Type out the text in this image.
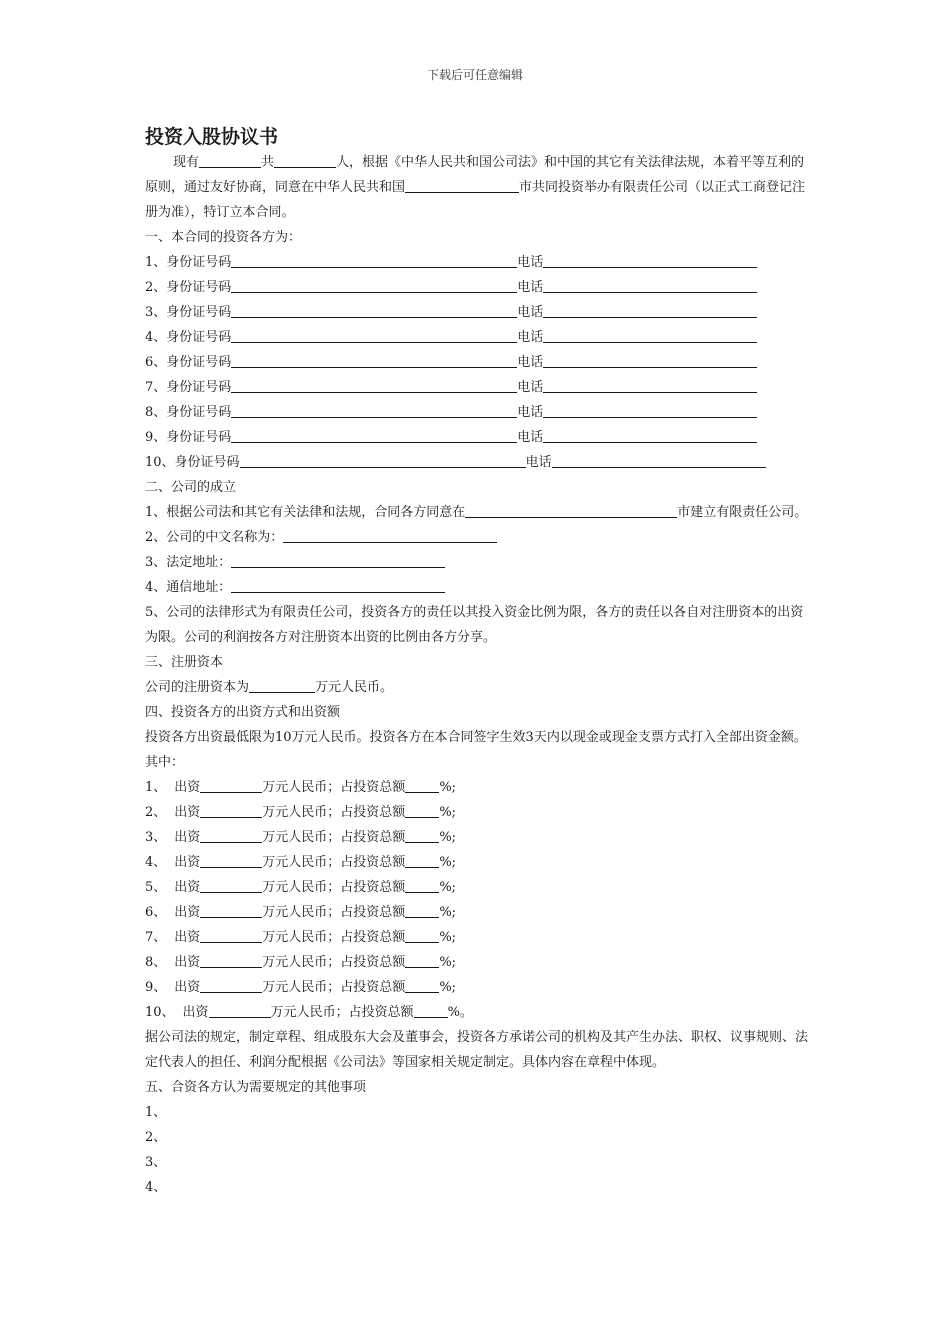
下载后可任意编辑
投资入股协议书

现有	共	人，根据《中华人民共和国公司法》和中国的其它有关法律法规，本着平等互利的原则，通过友好协商，同意在中华人民共和国	市共同投资举办有限责任公司（以正式工商登记注册为准），特订立本合同。

一、本合同的投资各方为：
1、身份证号码	电话
2、身份证号码	电话
3、身份证号码	电话
4、身份证号码	电话
6、身份证号码	电话
7、身份证号码	电话
8、身份证号码	电话
9、身份证号码	电话
10、身份证号码	电话
二、公司的成立

1、根据公司法和其它有关法律和法规，合同各方同意在	市建立有限责任公司。

2、公司的中文名称为：
3、法定地址：
4、通信地址：

5、公司的法律形式为有限责任公司，投资各方的责任以其投入资金比例为限，各方的责任以各自对注册资本的出资为限。公司的利润按各方对注册资本出资的比例由各方分享。

三、注册资本
公司的注册资本为	万元人民币。
四、投资各方的出资方式和出资额

投资各方出资最低限为10万元人民币。投资各方在本合同签字生效3天内以现金或现金支票方式打入全部出资金额。其中：

1、 出资	万元人民币；占投资总额	%;
2、 出资	万元人民币；占投资总额	%;
3、 出资	万元人民币；占投资总额	%;
4、 出资	万元人民币；占投资总额	%;
5、 出资	万元人民币；占投资总额	%;
6、 出资	万元人民币；占投资总额	%;
7、 出资	万元人民币；占投资总额	%;
8、 出资	万元人民币；占投资总额	%;
9、 出资	万元人民币；占投资总额	%;
10、 出资	万元人民币；占投资总额	%。

据公司法的规定，制定章程、组成股东大会及董事会，投资各方承诺公司的机构及其产生办法、职权、议事规则、法定代表人的担任、利润分配根据《公司法》等国家相关规定制定。具体内容在章程中体现。

五、合资各方认为需要规定的其他事项
1、
2、
3、
4、
